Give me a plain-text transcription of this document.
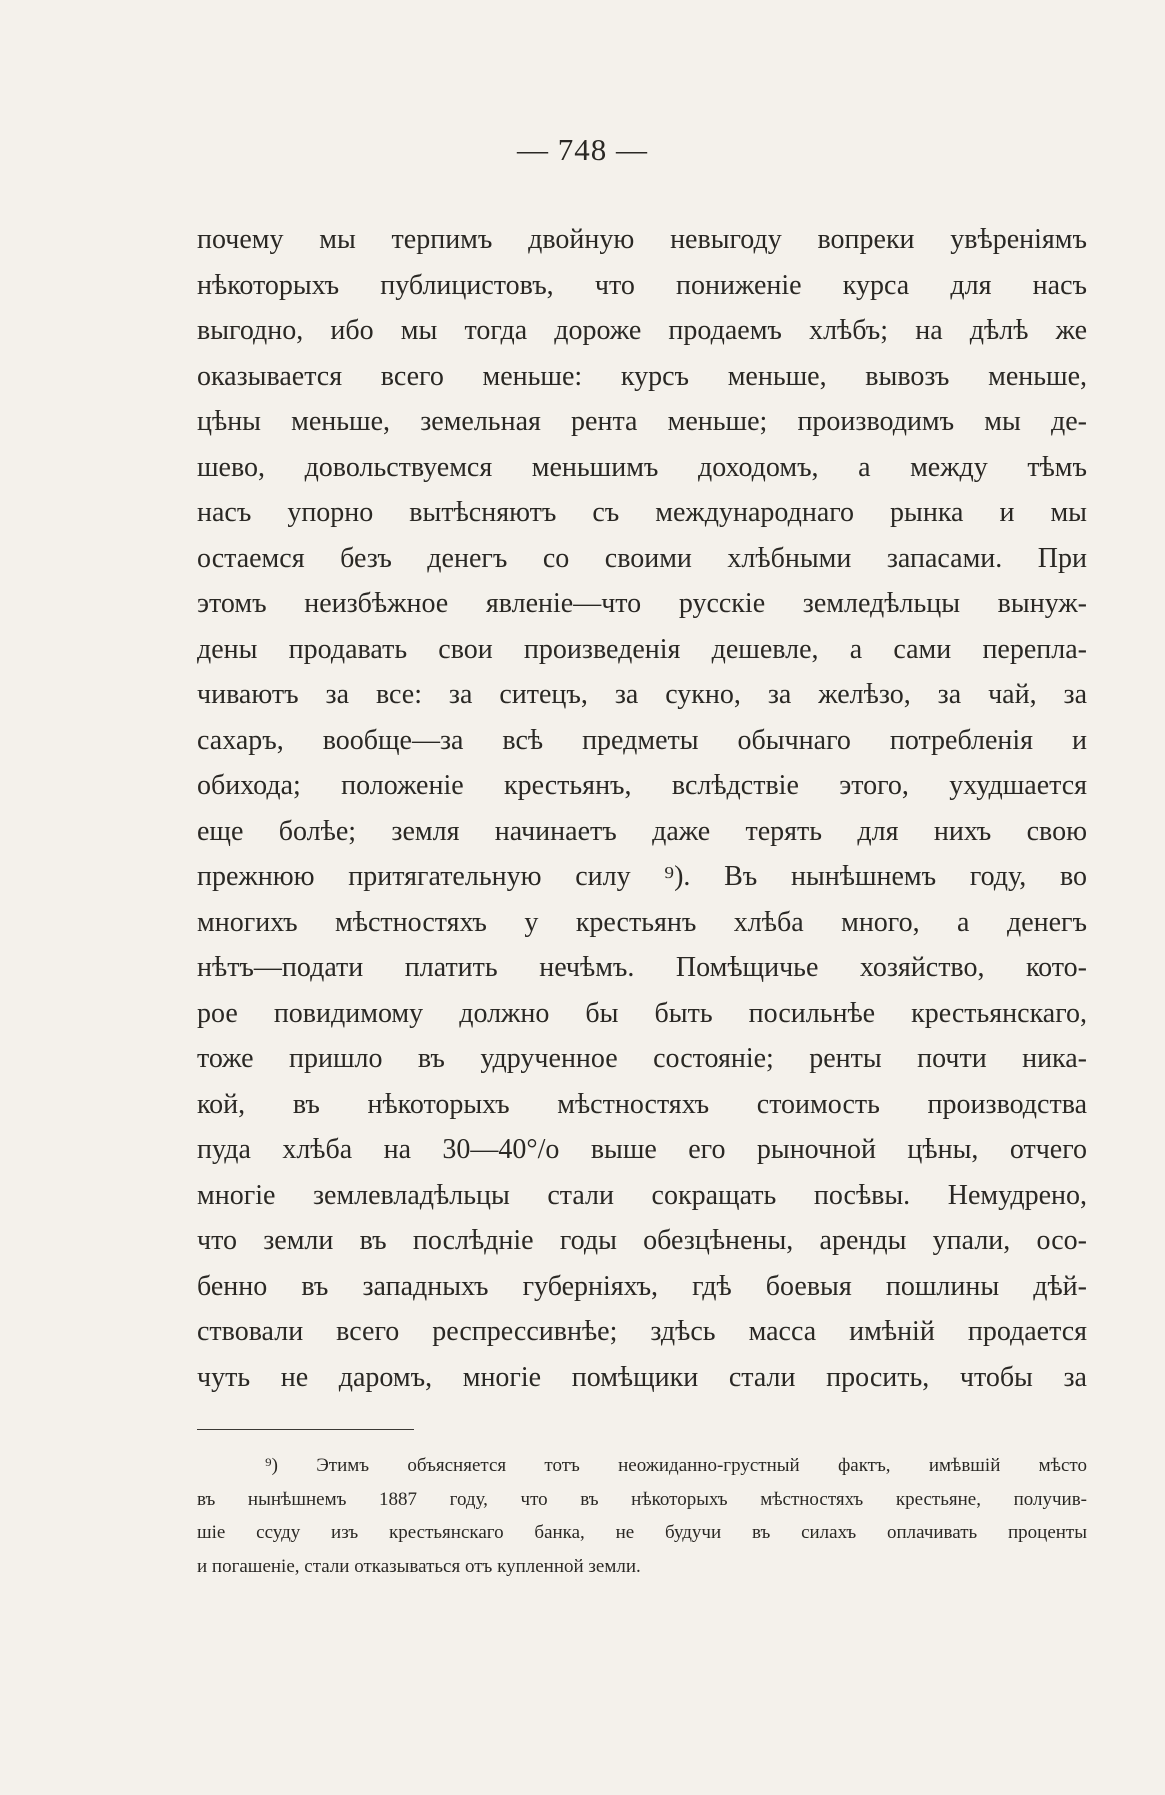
— 748 —
почему мы терпимъ двойную невыгоду вопреки увѣреніямъ
нѣкоторыхъ публицистовъ, что пониженіе курса для насъ
выгодно, ибо мы тогда дороже продаемъ хлѣбъ; на дѣлѣ же
оказывается всего меньше: курсъ меньше, вывозъ меньше,
цѣны меньше, земельная рента меньше; производимъ мы де-
шево, довольствуемся меньшимъ доходомъ, а между тѣмъ
насъ упорно вытѣсняютъ съ международнаго рынка и мы
остаемся безъ денегъ со своими хлѣбными запасами. При
этомъ неизбѣжное явленіе—что русскіе земледѣльцы вынуж-
дены продавать свои произведенія дешевле, а сами перепла-
чиваютъ за все: за ситецъ, за сукно, за желѣзо, за чай, за
сахаръ, вообще—за всѣ предметы обычнаго потребленія и
обихода; положеніе крестьянъ, вслѣдствіе этого, ухудшается
еще болѣе; земля начинаетъ даже терять для нихъ свою
прежнюю притягательную силу ⁹). Въ нынѣшнемъ году, во
многихъ мѣстностяхъ у крестьянъ хлѣба много, а денегъ
нѣтъ—подати платить нечѣмъ. Помѣщичье хозяйство, кото-
рое повидимому должно бы быть посильнѣе крестьянскаго,
тоже пришло въ удрученное состояніе; ренты почти ника-
кой, въ нѣкоторыхъ мѣстностяхъ стоимость производства
пуда хлѣба на 30—40°/о выше его рыночной цѣны, отчего
многіе землевладѣльцы стали сокращать посѣвы. Немудрено,
что земли въ послѣдніе годы обезцѣнены, аренды упали, осо-
бенно въ западныхъ губерніяхъ, гдѣ боевыя пошлины дѣй-
ствовали всего респрессивнѣе; здѣсь масса имѣній продается
чуть не даромъ, многіе помѣщики стали просить, чтобы за
⁹) Этимъ объясняется тотъ неожиданно-грустный фактъ, имѣвшій мѣсто
въ нынѣшнемъ 1887 году, что въ нѣкоторыхъ мѣстностяхъ крестьяне, получив-
шіе ссуду изъ крестьянскаго банка, не будучи въ силахъ оплачивать проценты
и погашеніе, стали отказываться отъ купленной земли.
